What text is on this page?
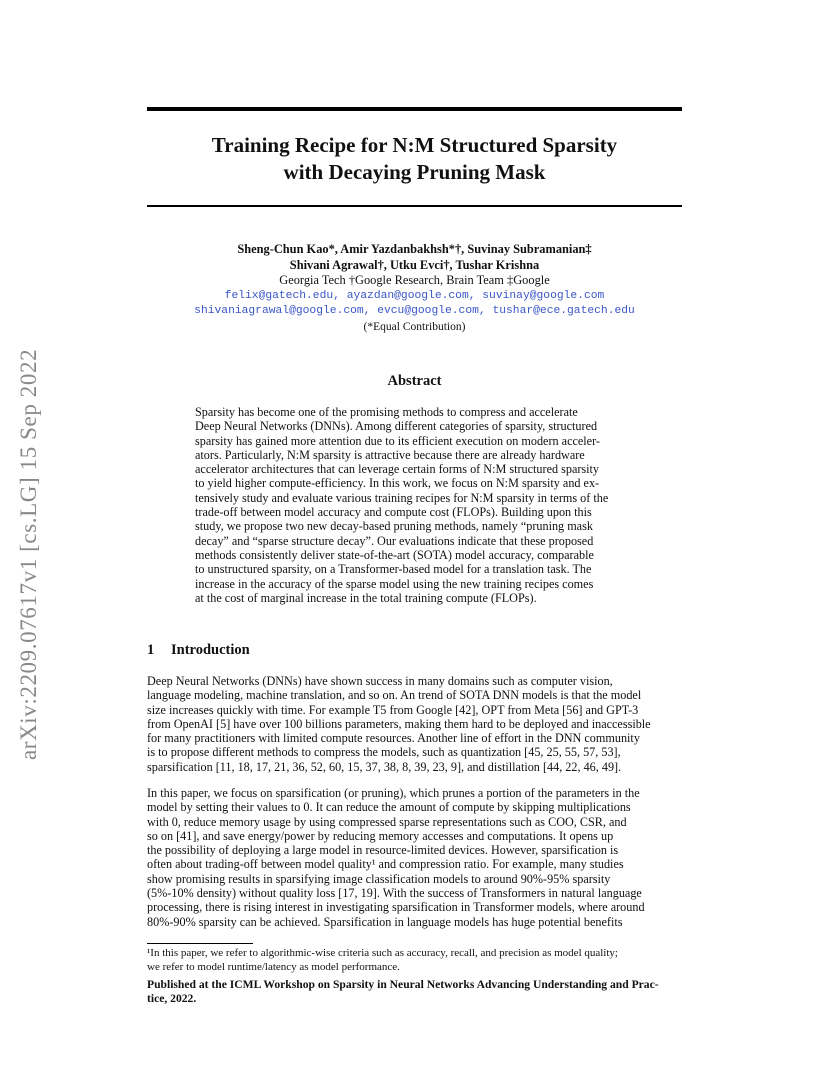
Training Recipe for N:M Structured Sparsity
with Decaying Pruning Mask
arXiv:2209.07617v1 [cs.LG] 15 Sep 2022
Sheng-Chun Kao*, Amir Yazdanbakhsh*†, Suvinay Subramanian‡
Shivani Agrawal†, Utku Evci†, Tushar Krishna
Georgia Tech †Google Research, Brain Team ‡Google
felix@gatech.edu, ayazdan@google.com, suvinay@google.com
shivaniagrawal@google.com, evcu@google.com, tushar@ece.gatech.edu
(*Equal Contribution)
Abstract
Sparsity has become one of the promising methods to compress and accelerate
Deep Neural Networks (DNNs). Among different categories of sparsity, structured
sparsity has gained more attention due to its efficient execution on modern acceler-
ators. Particularly, N:M sparsity is attractive because there are already hardware
accelerator architectures that can leverage certain forms of N:M structured sparsity
to yield higher compute-efficiency. In this work, we focus on N:M sparsity and ex-
tensively study and evaluate various training recipes for N:M sparsity in terms of the
trade-off between model accuracy and compute cost (FLOPs). Building upon this
study, we propose two new decay-based pruning methods, namely “pruning mask
decay” and “sparse structure decay”. Our evaluations indicate that these proposed
methods consistently deliver state-of-the-art (SOTA) model accuracy, comparable
to unstructured sparsity, on a Transformer-based model for a translation task. The
increase in the accuracy of the sparse model using the new training recipes comes
at the cost of marginal increase in the total training compute (FLOPs).
1 Introduction
Deep Neural Networks (DNNs) have shown success in many domains such as computer vision,
language modeling, machine translation, and so on. An trend of SOTA DNN models is that the model
size increases quickly with time. For example T5 from Google [42], OPT from Meta [56] and GPT-3
from OpenAI [5] have over 100 billions parameters, making them hard to be deployed and inaccessible
for many practitioners with limited compute resources. Another line of effort in the DNN community
is to propose different methods to compress the models, such as quantization [45, 25, 55, 57, 53],
sparsification [11, 18, 17, 21, 36, 52, 60, 15, 37, 38, 8, 39, 23, 9], and distillation [44, 22, 46, 49].
In this paper, we focus on sparsification (or pruning), which prunes a portion of the parameters in the
model by setting their values to 0. It can reduce the amount of compute by skipping multiplications
with 0, reduce memory usage by using compressed sparse representations such as COO, CSR, and
so on [41], and save energy/power by reducing memory accesses and computations. It opens up
the possibility of deploying a large model in resource-limited devices. However, sparsification is
often about trading-off between model quality¹ and compression ratio. For example, many studies
show promising results in sparsifying image classification models to around 90%-95% sparsity
(5%-10% density) without quality loss [17, 19]. With the success of Transformers in natural language
processing, there is rising interest in investigating sparsification in Transformer models, where around
80%-90% sparsity can be achieved. Sparsification in language models has huge potential benefits
¹In this paper, we refer to algorithmic-wise criteria such as accuracy, recall, and precision as model quality;
we refer to model runtime/latency as model performance.
Published at the ICML Workshop on Sparsity in Neural Networks Advancing Understanding and Prac-
tice, 2022.
